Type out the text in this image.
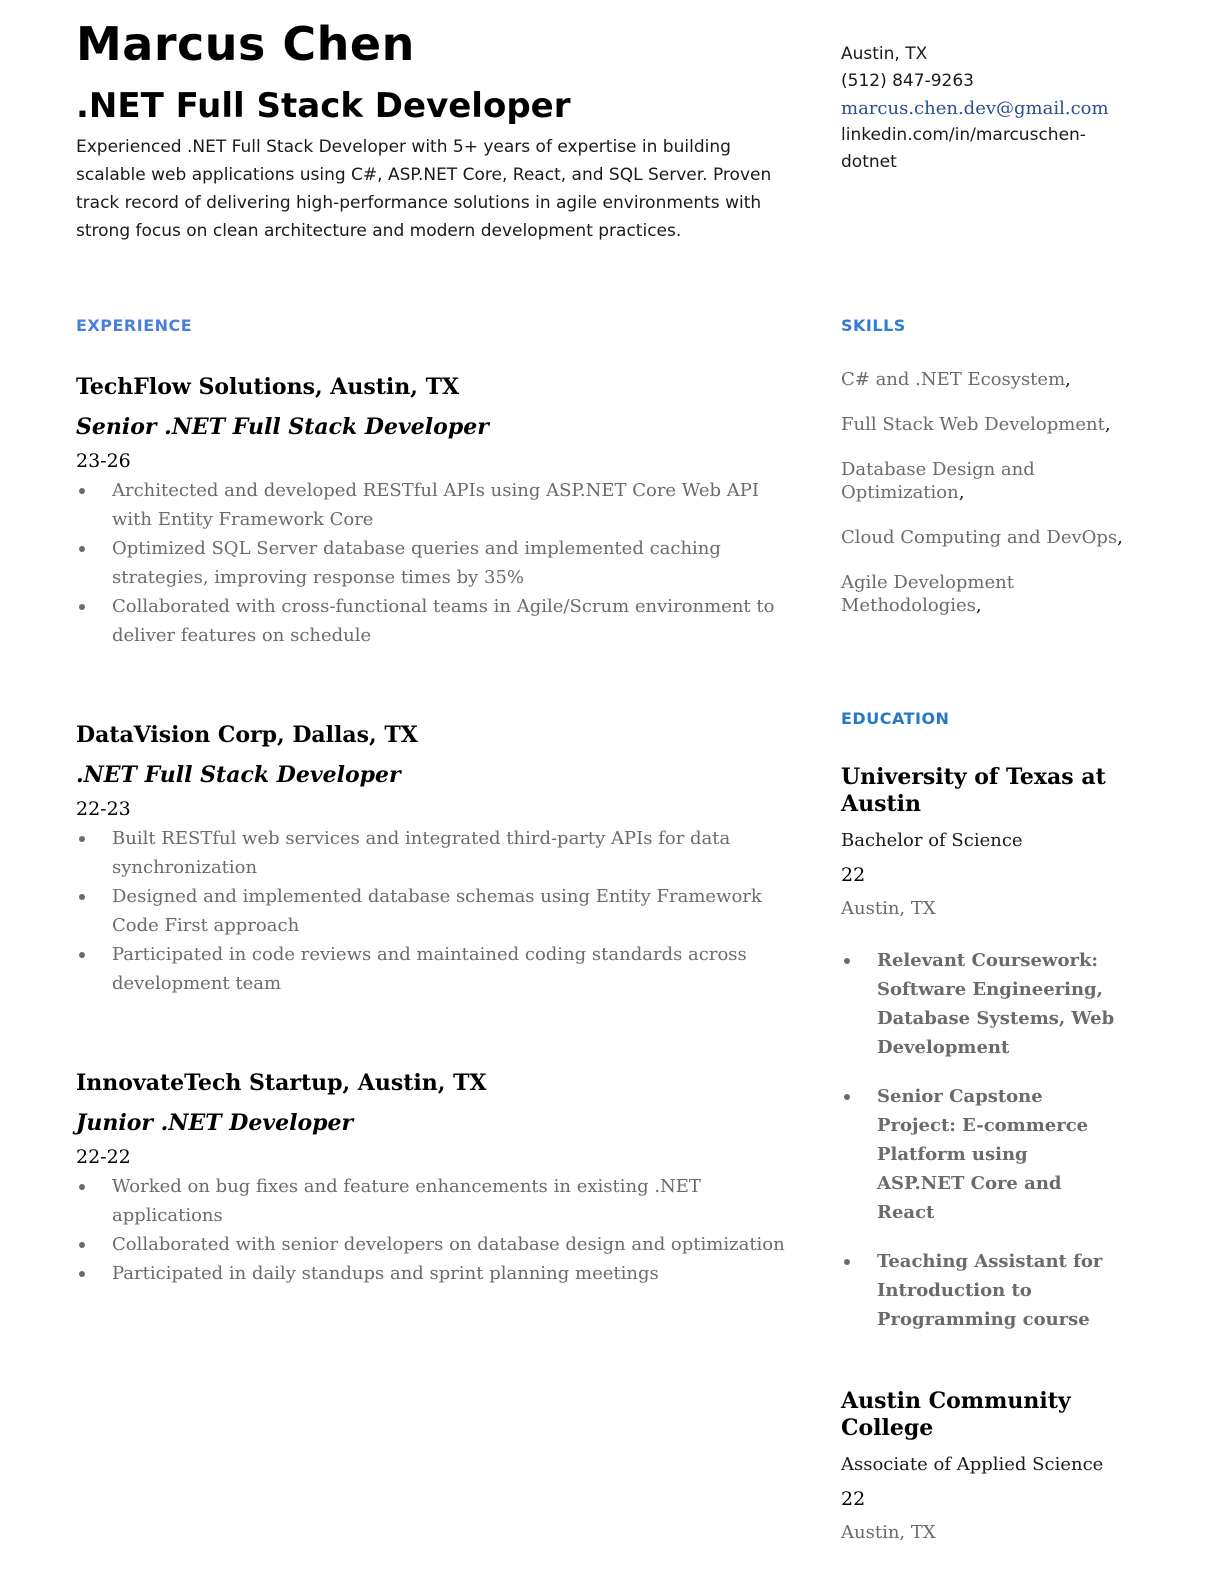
Marcus Chen
.NET Full Stack Developer

Experienced .NET Full Stack Developer with 5+ years of expertise in building scalable web applications using C#, ASP.NET Core, React, and SQL Server. Proven track record of delivering high-performance solutions in agile environments with strong focus on clean architecture and modern development practices.

Austin, TX
(512) 847-9263
marcus.chen.dev@gmail.com
linkedin.com/in/marcuschen-dotnet
EXPERIENCE	SKILLS
EDUCATION
TechFlow Solutions, Austin, TX
Senior .NET Full Stack Developer
23-26
Architected and developed RESTful APIs using ASP.NET Core Web API with Entity Framework Core
Optimized SQL Server database queries and implemented caching strategies, improving response times by 35%
Collaborated with cross-functional teams in Agile/Scrum environment to deliver features on schedule
DataVision Corp, Dallas, TX
.NET Full Stack Developer
22-23
Built RESTful web services and integrated third-party APIs for data synchronization
Designed and implemented database schemas using Entity Framework Code First approach
Participated in code reviews and maintained coding standards across development team
InnovateTech Startup, Austin, TX
Junior .NET Developer
22-22
Worked on bug fixes and feature enhancements in existing .NET applications
Collaborated with senior developers on database design and optimization
Participated in daily standups and sprint planning meetings
C# and .NET Ecosystem,
Full Stack Web Development,
Database Design and Optimization,
Cloud Computing and DevOps,
Agile Development Methodologies,
University of Texas at Austin
Bachelor of Science
22
Austin, TX
Relevant Coursework: Software Engineering, Database Systems, Web Development
Senior Capstone Project: E-commerce Platform using ASP.NET Core and React
Teaching Assistant for Introduction to Programming course
Austin Community College
Associate of Applied Science
22
Austin, TX
